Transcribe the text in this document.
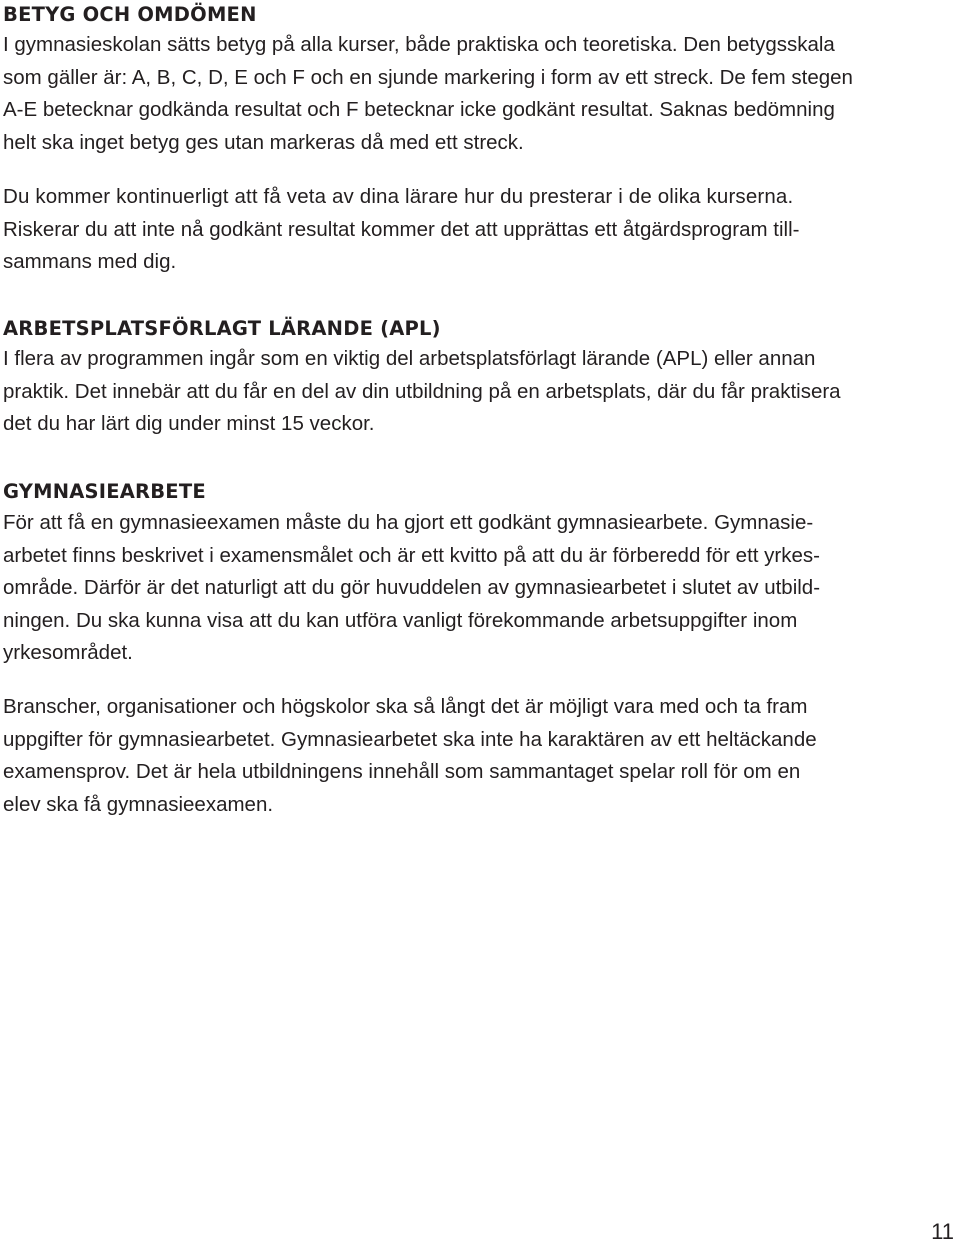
BETYG OCH OMDÖMEN

I gymnasieskolan sätts betyg på alla kurser, både praktiska och teoretiska. Den betygsskala
som gäller är: A, B, C, D, E och F och en sjunde markering i form av ett streck. De fem stegen
A-E betecknar godkända resultat och F betecknar icke godkänt resultat. Saknas bedömning
helt ska inget betyg ges utan markeras då med ett streck.

Du kommer kontinuerligt att få veta av dina lärare hur du presterar i de olika kurserna.
Riskerar du att inte nå godkänt resultat kommer det att upprättas ett åtgärdsprogram till-
sammans med dig.

ARBETSPLATSFÖRLAGT LÄRANDE (APL)

I flera av programmen ingår som en viktig del arbetsplatsförlagt lärande (APL) eller annan
praktik. Det innebär att du får en del av din utbildning på en arbetsplats, där du får praktisera
det du har lärt dig under minst 15 veckor.

GYMNASIEARBETE

För att få en gymnasieexamen måste du ha gjort ett godkänt gymnasiearbete. Gymnasie-
arbetet finns beskrivet i examensmålet och är ett kvitto på att du är förberedd för ett yrkes-
område. Därför är det naturligt att du gör huvuddelen av gymnasiearbetet i slutet av utbild-
ningen. Du ska kunna visa att du kan utföra vanligt förekommande arbetsuppgifter inom
yrkesområdet.

Branscher, organisationer och högskolor ska så långt det är möjligt vara med och ta fram
uppgifter för gymnasiearbetet. Gymnasiearbetet ska inte ha karaktären av ett heltäckande
examensprov. Det är hela utbildningens innehåll som sammantaget spelar roll för om en
elev ska få gymnasieexamen.

11
